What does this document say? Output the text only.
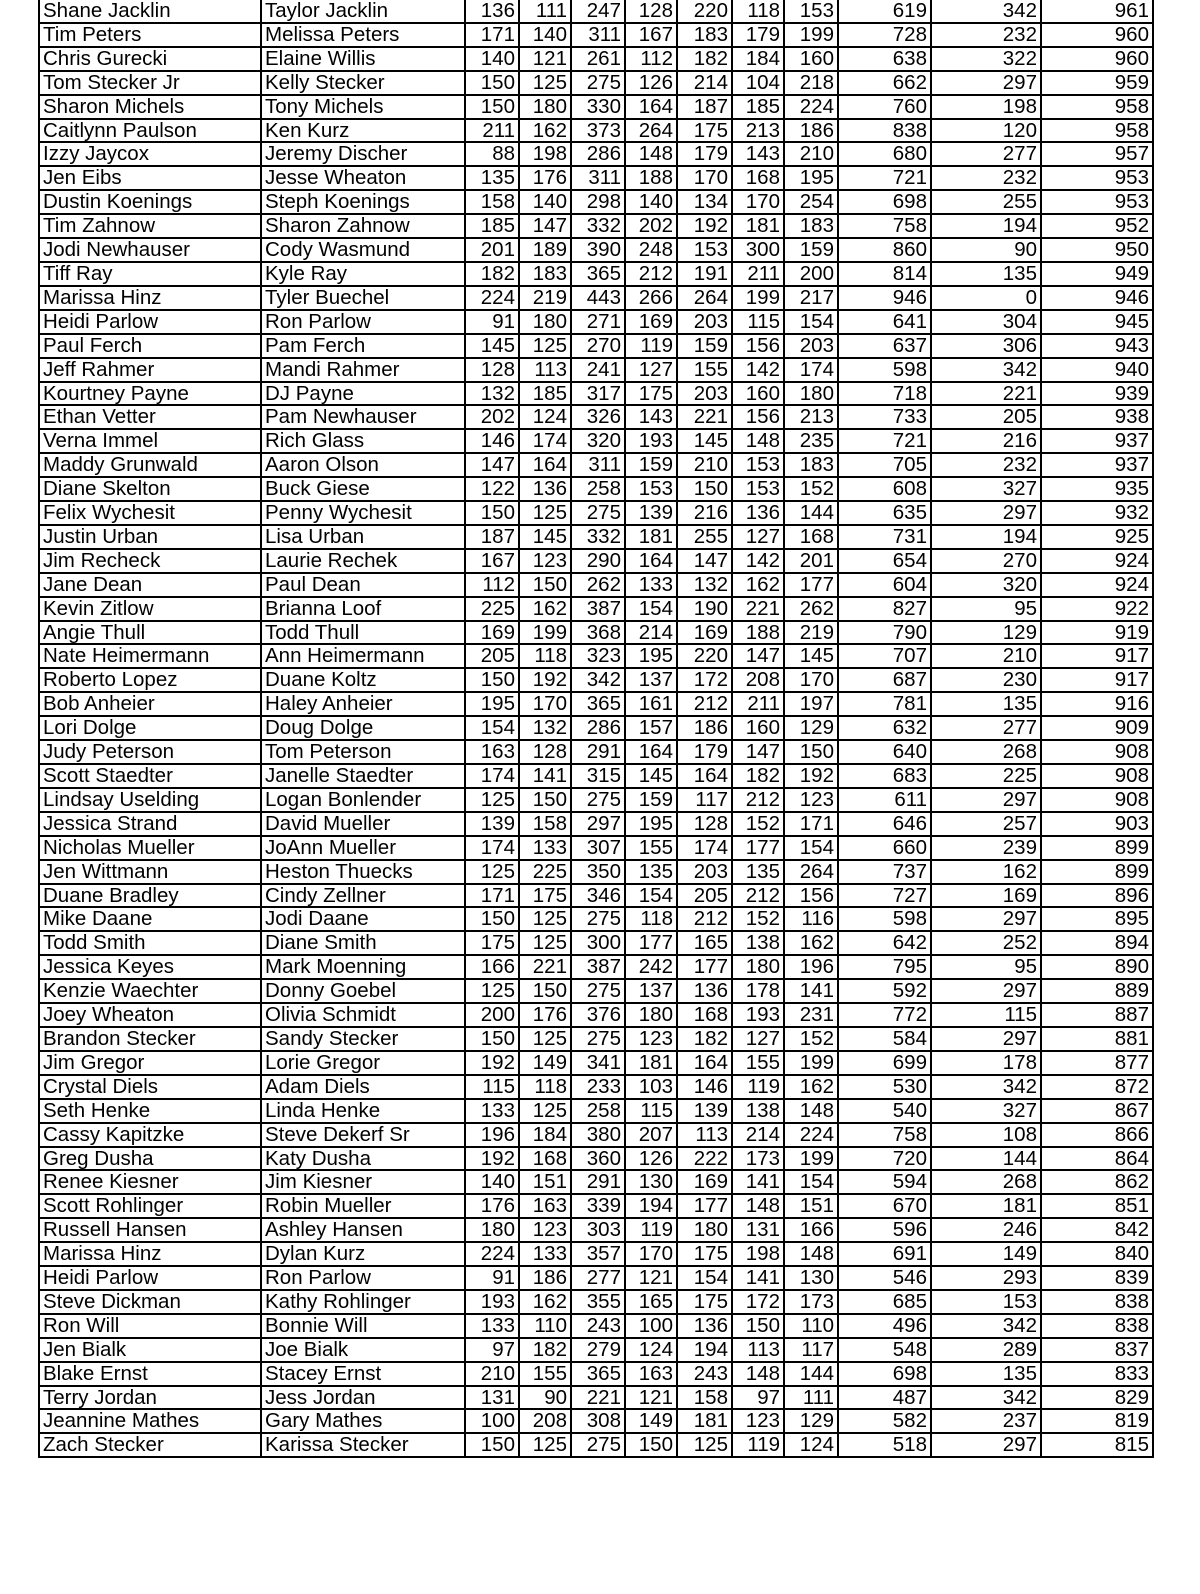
Shane Jacklin	Taylor Jacklin	136	111	247	128	220	118	153	619	342	961
Tim Peters	Melissa Peters	171	140	311	167	183	179	199	728	232	960
Chris Gurecki	Elaine Willis	140	121	261	112	182	184	160	638	322	960
Tom Stecker Jr	Kelly Stecker	150	125	275	126	214	104	218	662	297	959
Sharon Michels	Tony Michels	150	180	330	164	187	185	224	760	198	958
Caitlynn Paulson	Ken Kurz	211	162	373	264	175	213	186	838	120	958
Izzy Jaycox	Jeremy Discher	88	198	286	148	179	143	210	680	277	957
Jen Eibs	Jesse Wheaton	135	176	311	188	170	168	195	721	232	953
Dustin Koenings	Steph Koenings	158	140	298	140	134	170	254	698	255	953
Tim Zahnow	Sharon Zahnow	185	147	332	202	192	181	183	758	194	952
Jodi Newhauser	Cody Wasmund	201	189	390	248	153	300	159	860	90	950
Tiff Ray	Kyle Ray	182	183	365	212	191	211	200	814	135	949
Marissa Hinz	Tyler Buechel	224	219	443	266	264	199	217	946	0	946
Heidi Parlow	Ron Parlow	91	180	271	169	203	115	154	641	304	945
Paul Ferch	Pam Ferch	145	125	270	119	159	156	203	637	306	943
Jeff Rahmer	Mandi Rahmer	128	113	241	127	155	142	174	598	342	940
Kourtney Payne	DJ Payne	132	185	317	175	203	160	180	718	221	939
Ethan Vetter	Pam Newhauser	202	124	326	143	221	156	213	733	205	938
Verna Immel	Rich Glass	146	174	320	193	145	148	235	721	216	937
Maddy Grunwald	Aaron Olson	147	164	311	159	210	153	183	705	232	937
Diane Skelton	Buck Giese	122	136	258	153	150	153	152	608	327	935
Felix Wychesit	Penny Wychesit	150	125	275	139	216	136	144	635	297	932
Justin Urban	Lisa Urban	187	145	332	181	255	127	168	731	194	925
Jim Recheck	Laurie Rechek	167	123	290	164	147	142	201	654	270	924
Jane Dean	Paul Dean	112	150	262	133	132	162	177	604	320	924
Kevin Zitlow	Brianna Loof	225	162	387	154	190	221	262	827	95	922
Angie Thull	Todd Thull	169	199	368	214	169	188	219	790	129	919
Nate Heimermann	Ann Heimermann	205	118	323	195	220	147	145	707	210	917
Roberto Lopez	Duane Koltz	150	192	342	137	172	208	170	687	230	917
Bob Anheier	Haley Anheier	195	170	365	161	212	211	197	781	135	916
Lori Dolge	Doug Dolge	154	132	286	157	186	160	129	632	277	909
Judy Peterson	Tom Peterson	163	128	291	164	179	147	150	640	268	908
Scott Staedter	Janelle Staedter	174	141	315	145	164	182	192	683	225	908
Lindsay Uselding	Logan Bonlender	125	150	275	159	117	212	123	611	297	908
Jessica Strand	David Mueller	139	158	297	195	128	152	171	646	257	903
Nicholas Mueller	JoAnn Mueller	174	133	307	155	174	177	154	660	239	899
Jen Wittmann	Heston Thuecks	125	225	350	135	203	135	264	737	162	899
Duane Bradley	Cindy Zellner	171	175	346	154	205	212	156	727	169	896
Mike Daane	Jodi Daane	150	125	275	118	212	152	116	598	297	895
Todd Smith	Diane Smith	175	125	300	177	165	138	162	642	252	894
Jessica Keyes	Mark Moenning	166	221	387	242	177	180	196	795	95	890
Kenzie Waechter	Donny Goebel	125	150	275	137	136	178	141	592	297	889
Joey Wheaton	Olivia Schmidt	200	176	376	180	168	193	231	772	115	887
Brandon Stecker	Sandy Stecker	150	125	275	123	182	127	152	584	297	881
Jim Gregor	Lorie Gregor	192	149	341	181	164	155	199	699	178	877
Crystal Diels	Adam Diels	115	118	233	103	146	119	162	530	342	872
Seth Henke	Linda Henke	133	125	258	115	139	138	148	540	327	867
Cassy Kapitzke	Steve Dekerf Sr	196	184	380	207	113	214	224	758	108	866
Greg Dusha	Katy Dusha	192	168	360	126	222	173	199	720	144	864
Renee Kiesner	Jim Kiesner	140	151	291	130	169	141	154	594	268	862
Scott Rohlinger	Robin Mueller	176	163	339	194	177	148	151	670	181	851
Russell Hansen	Ashley Hansen	180	123	303	119	180	131	166	596	246	842
Marissa Hinz	Dylan Kurz	224	133	357	170	175	198	148	691	149	840
Heidi Parlow	Ron Parlow	91	186	277	121	154	141	130	546	293	839
Steve Dickman	Kathy Rohlinger	193	162	355	165	175	172	173	685	153	838
Ron Will	Bonnie Will	133	110	243	100	136	150	110	496	342	838
Jen Bialk	Joe Bialk	97	182	279	124	194	113	117	548	289	837
Blake Ernst	Stacey Ernst	210	155	365	163	243	148	144	698	135	833
Terry Jordan	Jess Jordan	131	90	221	121	158	97	111	487	342	829
Jeannine Mathes	Gary Mathes	100	208	308	149	181	123	129	582	237	819
Zach Stecker	Karissa Stecker	150	125	275	150	125	119	124	518	297	815
